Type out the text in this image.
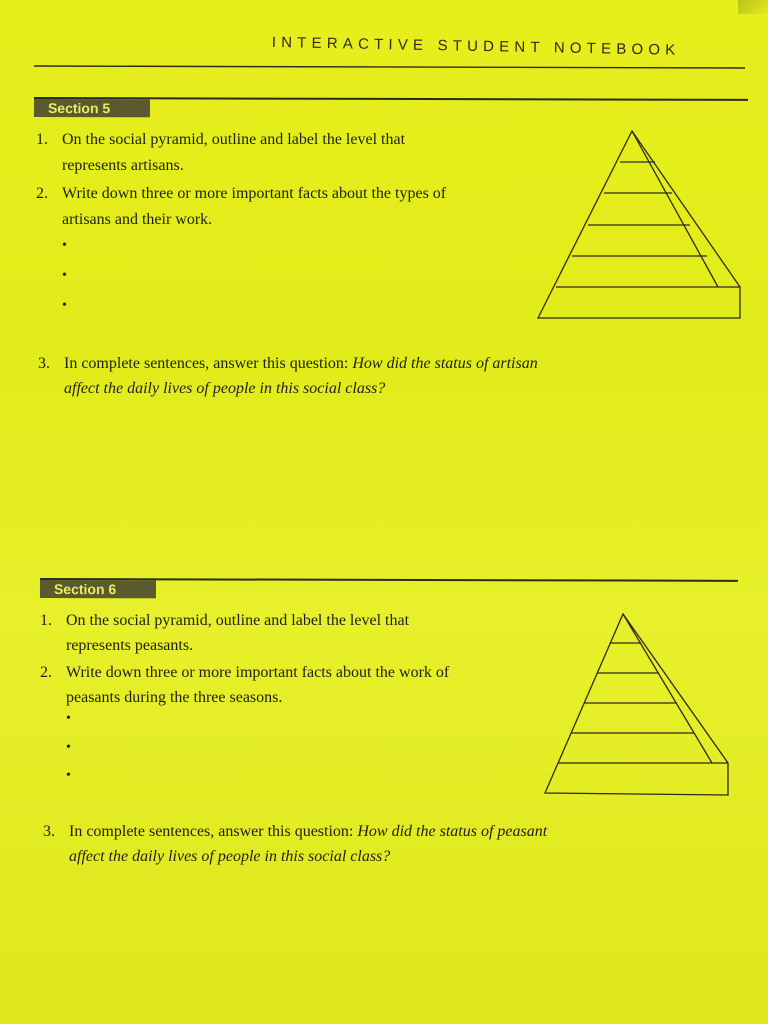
INTERACTIVE STUDENT NOTEBOOK
Section 5
1. On the social pyramid, outline and label the level that
represents artisans.
2. Write down three or more important facts about the types of
artisans and their work.
•
•
•
3. In complete sentences, answer this question: How did the status of artisan
affect the daily lives of people in this social class?
Section 6
1. On the social pyramid, outline and label the level that
represents peasants.
2. Write down three or more important facts about the work of
peasants during the three seasons.
•
•
•
3. In complete sentences, answer this question: How did the status of peasant
affect the daily lives of people in this social class?
